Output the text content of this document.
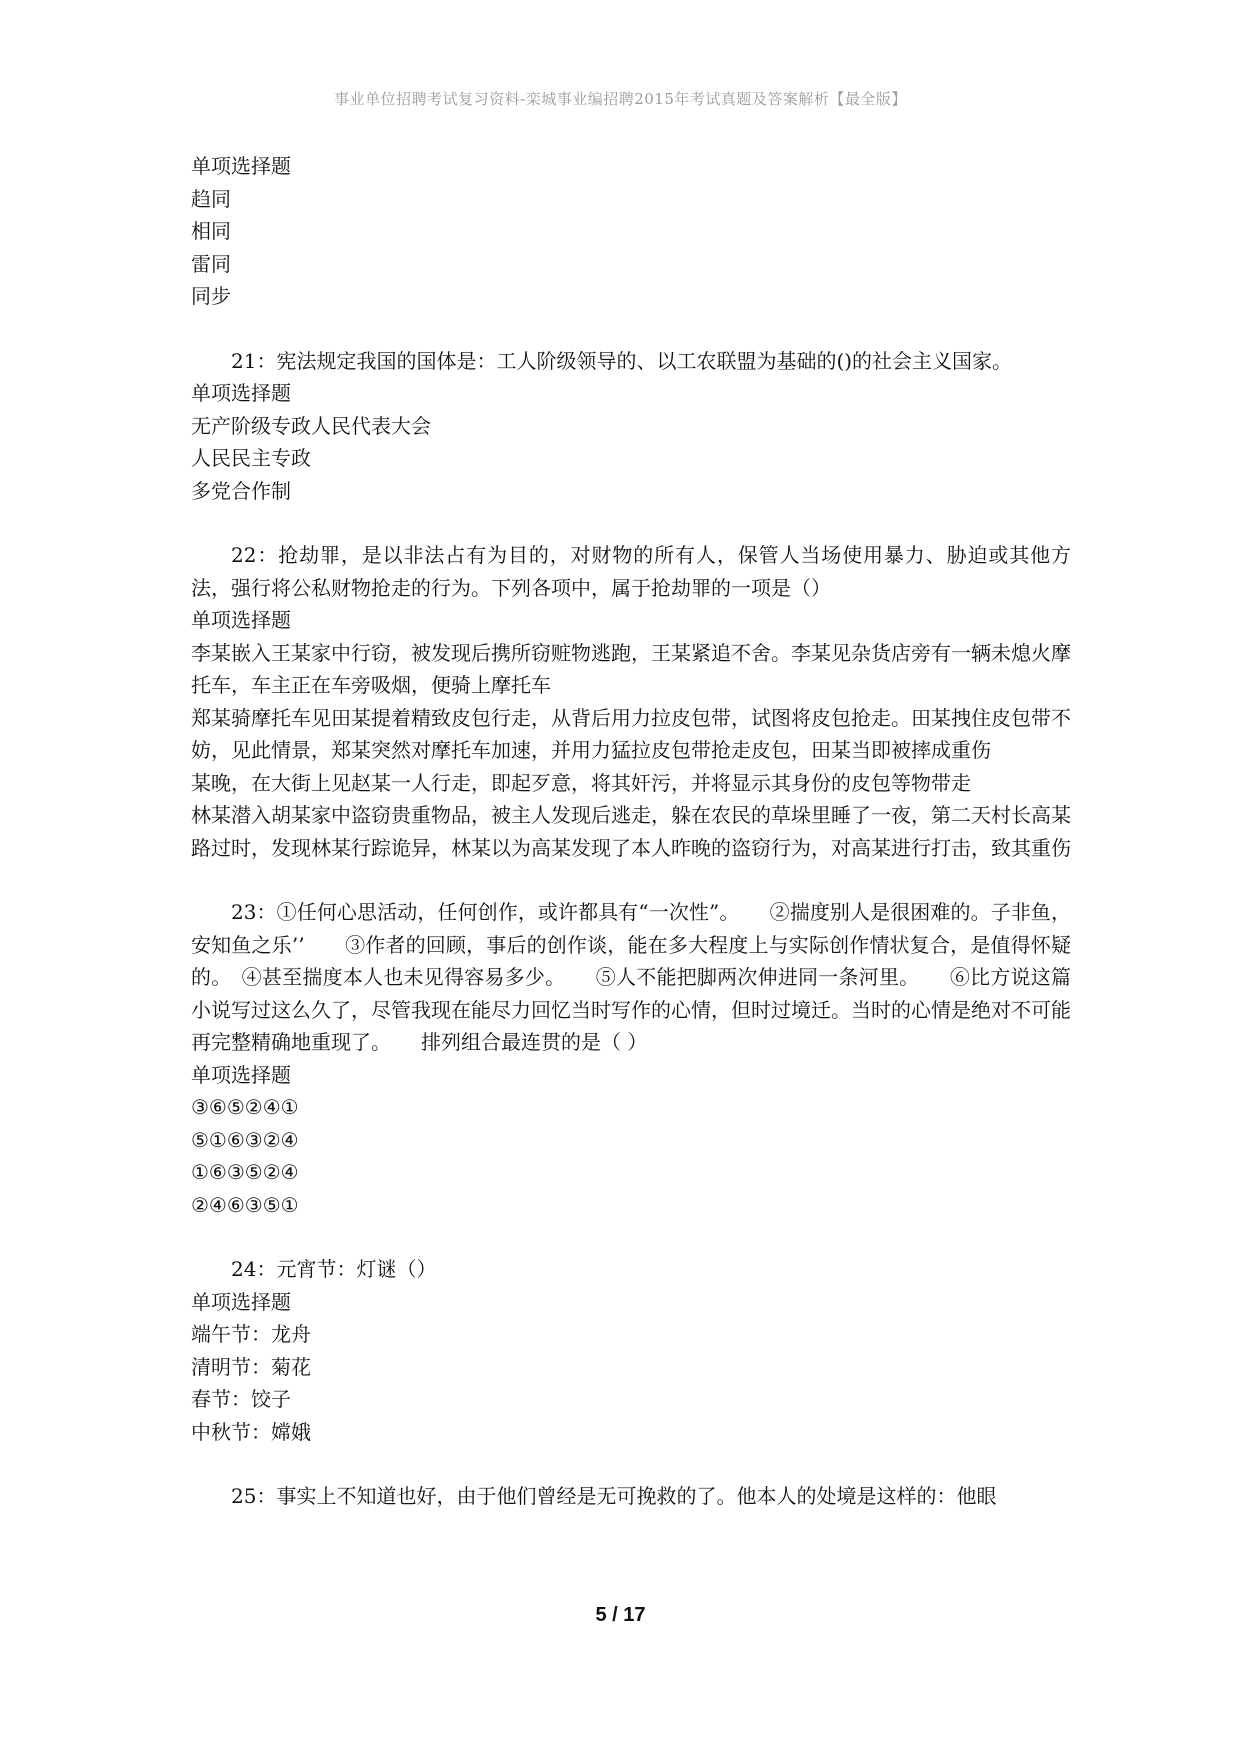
事业单位招聘考试复习资料-栾城事业编招聘2015年考试真题及答案解析【最全版】
单项选择题
趋同
相同
雷同
同步
21：宪法规定我国的国体是：工人阶级领导的、以工农联盟为基础的()的社会主义国家。
单项选择题
无产阶级专政人民代表大会
人民民主专政
多党合作制
22：抢劫罪，是以非法占有为目的，对财物的所有人，保管人当场使用暴力、胁迫或其他方法，强行将公私财物抢走的行为。下列各项中，属于抢劫罪的一项是（）
单项选择题
李某嵌入王某家中行窃，被发现后携所窃赃物逃跑，王某紧追不舍。李某见杂货店旁有一辆未熄火摩托车，车主正在车旁吸烟，便骑上摩托车
郑某骑摩托车见田某提着精致皮包行走，从背后用力拉皮包带，试图将皮包抢走。田某拽住皮包带不妨，见此情景，郑某突然对摩托车加速，并用力猛拉皮包带抢走皮包，田某当即被摔成重伤
某晚，在大街上见赵某一人行走，即起歹意，将其奸污，并将显示其身份的皮包等物带走
林某潜入胡某家中盗窃贵重物品，被主人发现后逃走，躲在农民的草垛里睡了一夜，第二天村长高某路过时，发现林某行踪诡异，林某以为高某发现了本人昨晚的盗窃行为，对高某进行打击，致其重伤
23：①任何心思活动，任何创作，或许都具有“一次性”。　　②揣度别人是很困难的。子非鱼，安知鱼之乐’’　　③作者的回顾，事后的创作谈，能在多大程度上与实际创作情状复合，是值得怀疑的。　④甚至揣度本人也未见得容易多少。　　⑤人不能把脚两次伸进同一条河里。　　⑥比方说这篇小说写过这么久了，尽管我现在能尽力回忆当时写作的心情，但时过境迁。当时的心情是绝对不可能再完整精确地重现了。　　排列组合最连贯的是（ ）
单项选择题
③⑥⑤②④①
⑤①⑥③②④
①⑥③⑤②④
②④⑥③⑤①
24：元宵节：灯谜（）
单项选择题
端午节：龙舟
清明节：菊花
春节：饺子
中秋节：嫦娥
25：事实上不知道也好，由于他们曾经是无可挽救的了。他本人的处境是这样的：他眼
5 / 17
